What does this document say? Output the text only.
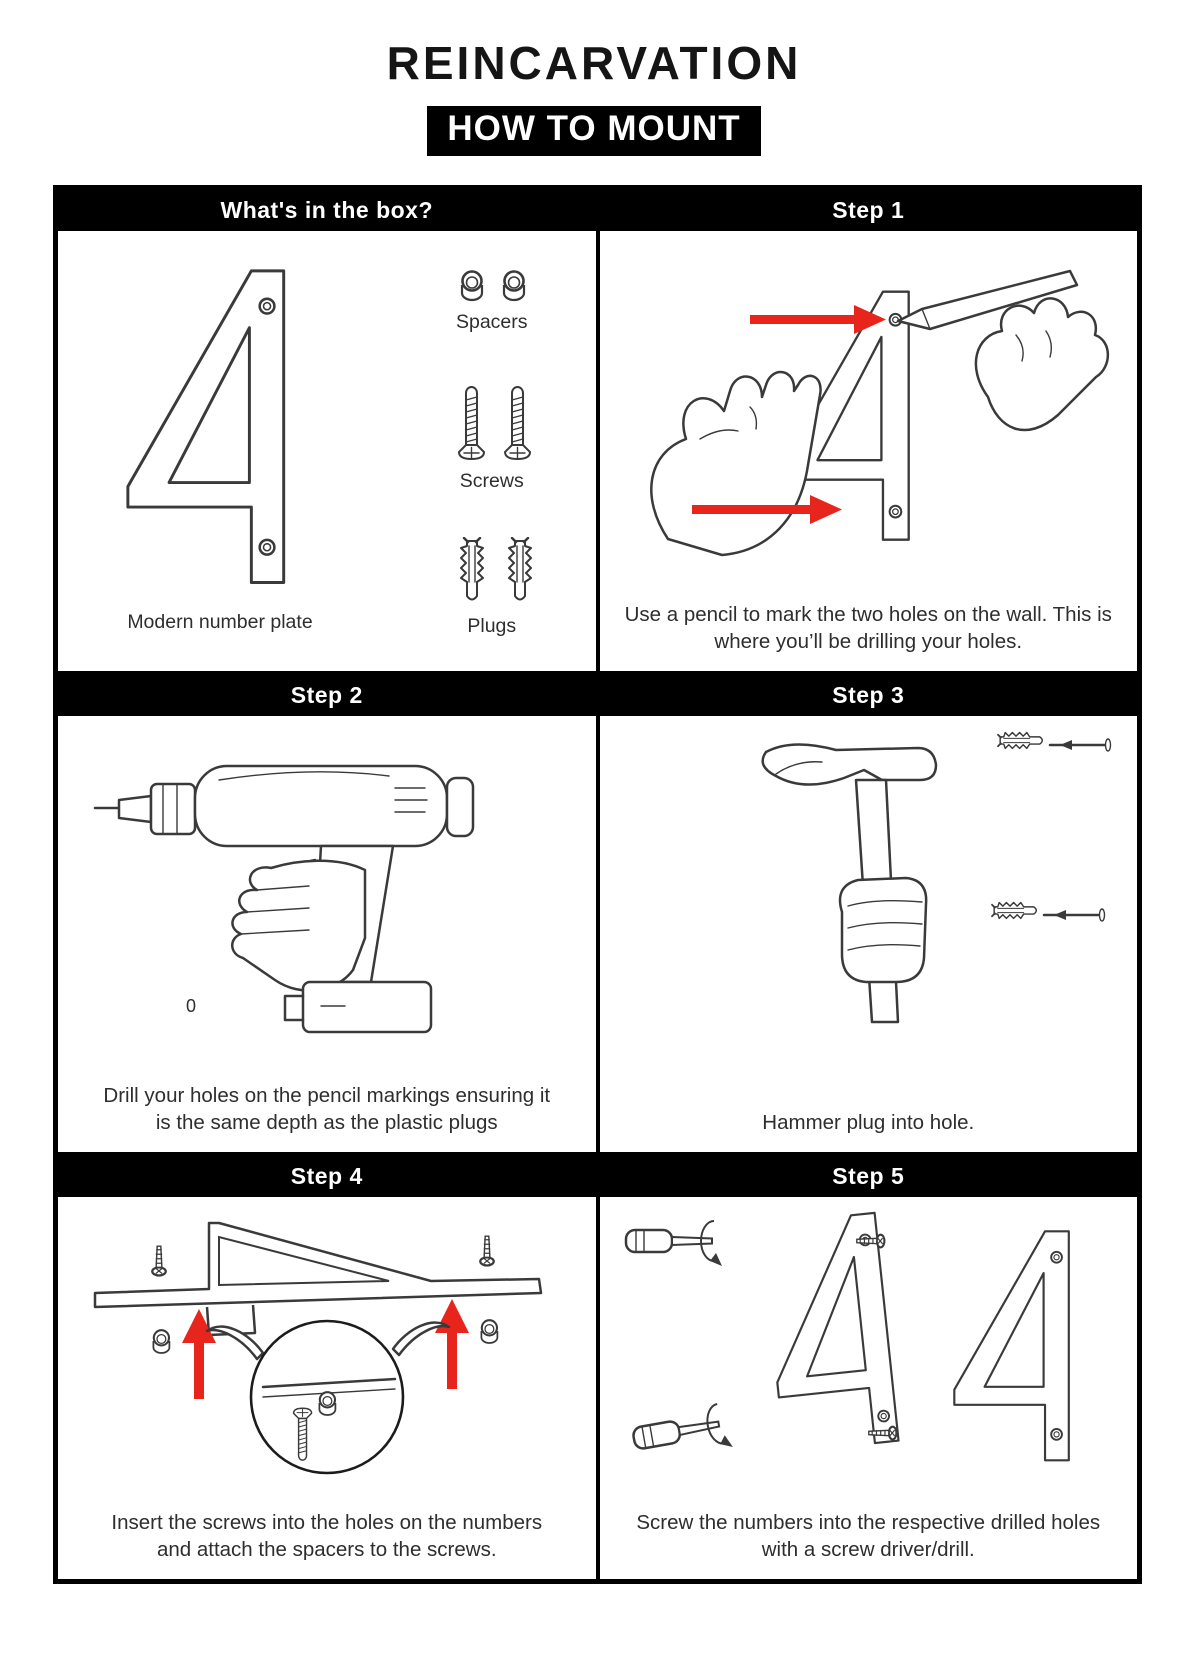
REINCARVATION
HOW TO MOUNT
What's in the box?
Modern number plate
Spacers
Screws
Plugs
Step 1

Use a pencil to mark the two holes on the wall. This is where you’ll be drilling your holes.

Step 2
0

Drill your holes on the pencil markings ensuring it is the same depth as the plastic plugs

Step 3

Hammer plug into hole.

Step 4

Insert the screws into the holes on the numbers and attach the spacers to the screws.

Step 5

Screw the numbers into the respective drilled holes with a screw driver/drill.
